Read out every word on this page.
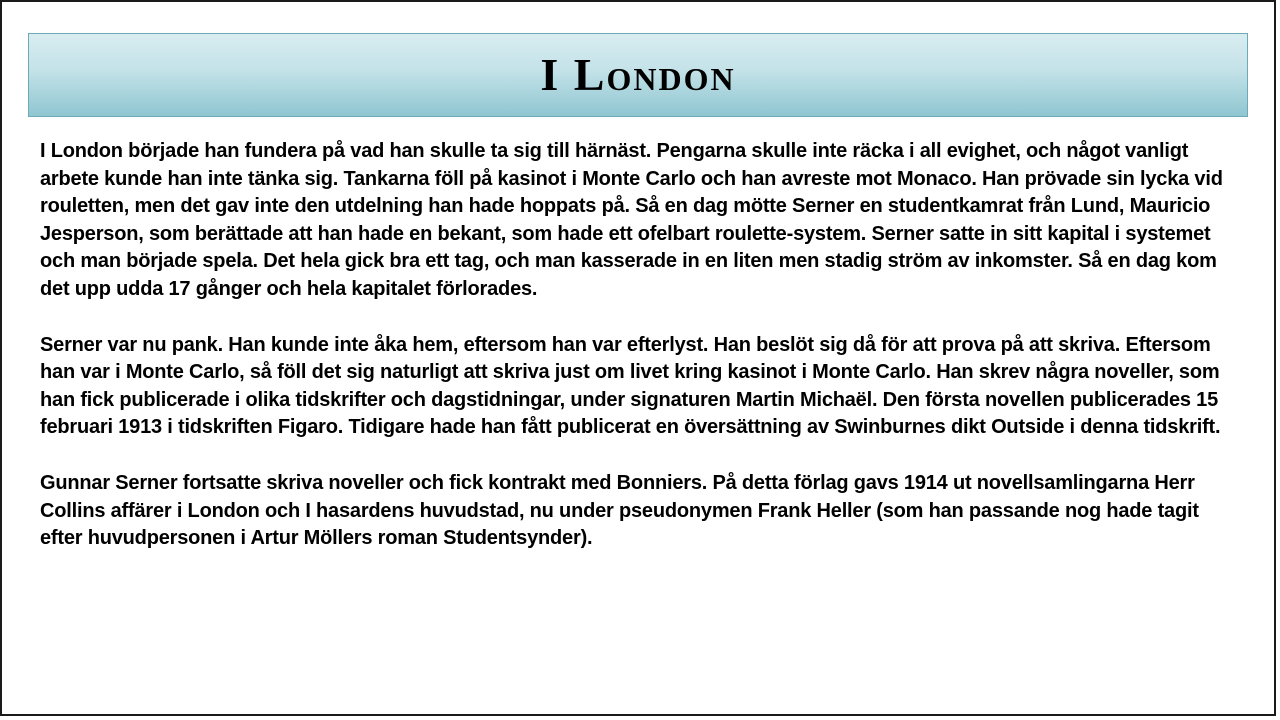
I London

I London började han fundera på vad han skulle ta sig till härnäst. Pengarna skulle inte räcka i all evighet, och något vanligt arbete kunde han inte tänka sig. Tankarna föll på kasinot i Monte Carlo och han avreste mot Monaco. Han prövade sin lycka vid rouletten, men det gav inte den utdelning han hade hoppats på. Så en dag mötte Serner en studentkamrat från Lund, Mauricio Jesperson, som berättade att han hade en bekant, som hade ett ofelbart roulette-system. Serner satte in sitt kapital i systemet och man började spela. Det hela gick bra ett tag, och man kasserade in en liten men stadig ström av inkomster. Så en dag kom det upp udda 17 gånger och hela kapitalet förlorades.

Serner var nu pank. Han kunde inte åka hem, eftersom han var efterlyst. Han beslöt sig då för att prova på att skriva. Eftersom han var i Monte Carlo, så föll det sig naturligt att skriva just om livet kring kasinot i Monte Carlo. Han skrev några noveller, som han fick publicerade i olika tidskrifter och dagstidningar, under signaturen Martin Michaël. Den första novellen publicerades 15 februari 1913 i tidskriften Figaro. Tidigare hade han fått publicerat en översättning av Swinburnes dikt Outside i denna tidskrift.

Gunnar Serner fortsatte skriva noveller och fick kontrakt med Bonniers. På detta förlag gavs 1914 ut novellsamlingarna Herr Collins affärer i London och I hasardens huvudstad, nu under pseudonymen Frank Heller (som han passande nog hade tagit efter huvudpersonen i Artur Möllers roman Studentsynder).
